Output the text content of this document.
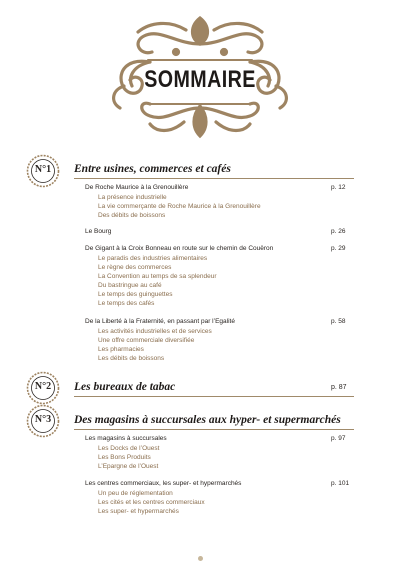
SOMMAIRE
N°1	Entre usines, commerces et cafés
De Roche Maurice à la Grenouillère	p. 12
La présence industrielle
La vie commerçante de Roche Maurice à la Grenouillère
Des débits de boissons
Le Bourg	p. 26
De Gigant à la Croix Bonneau en route sur le chemin de Couëron	p. 29
Le paradis des industries alimentaires
Le règne des commerces
La Convention au temps de sa splendeur
Du bastringue au café
Le temps des guinguettes
Le temps des cafés
De la Liberté à la Fraternité, en passant par l’Egalité	p. 58
Les activités industrielles et de services
Une offre commerciale diversifiée
Les pharmacies
Les débits de boissons
N°2	Les bureaux de tabac	p. 87
N°3	Des magasins à succursales aux hyper- et supermarchés
Les magasins à succursales	p. 97
Les Docks de l’Ouest
Les Bons Produits
L’Epargne de l’Ouest
Les centres commerciaux, les super- et hypermarchés	p. 101
Un peu de réglementation
Les cités et les centres commerciaux
Les super- et hypermarchés
